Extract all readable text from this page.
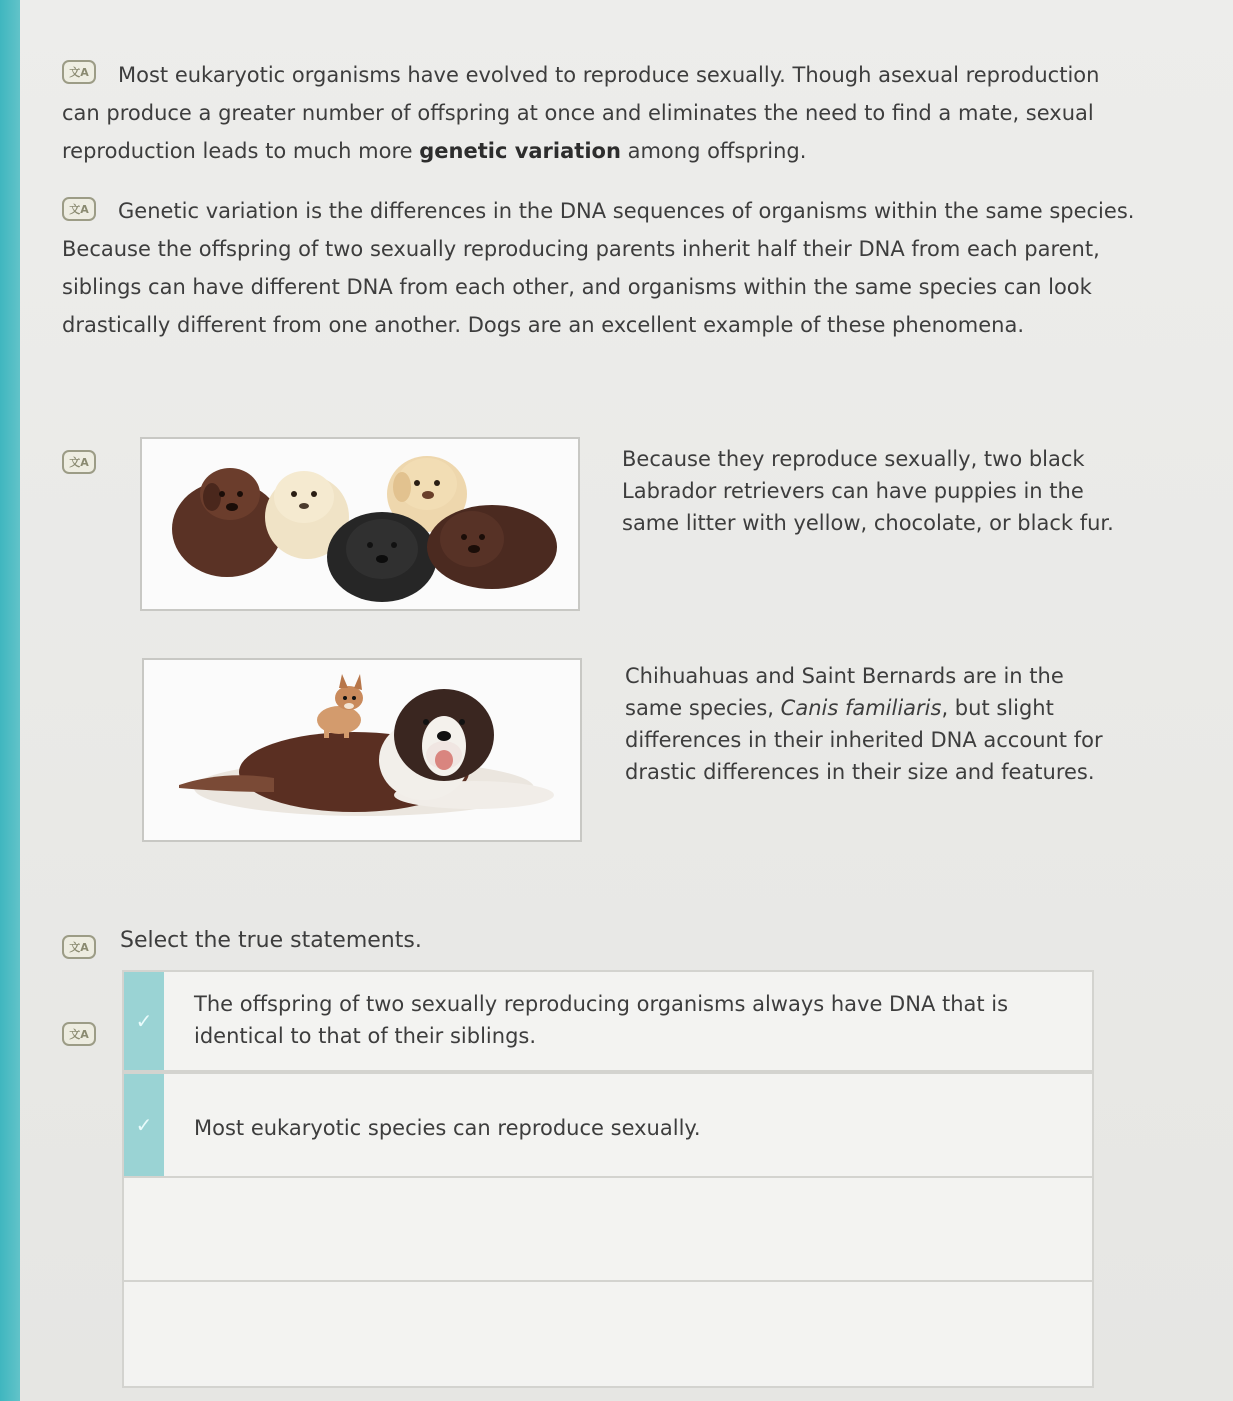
文A	Most eukaryotic organisms have evolved to reproduce sexually. Though asexual reproduction can produce a greater number of offspring at once and eliminates the need to find a mate, sexual reproduction leads to much more genetic variation among offspring.
文A	Genetic variation is the differences in the DNA sequences of organisms within the same species. Because the offspring of two sexually reproducing parents inherit half their DNA from each parent, siblings can have different DNA from each other, and organisms within the same species can look drastically different from one another. Dogs are an excellent example of these phenomena.
文A	Because they reproduce sexually, two black Labrador retrievers can have puppies in the same litter with yellow, chocolate, or black fur.
Chihuahuas and Saint Bernards are in the same species, Canis familiaris, but slight differences in their inherited DNA account for drastic differences in their size and features.
文A	Select the true statements.
文A
✓
The offspring of two sexually reproducing organisms always have DNA that is identical to that of their siblings.
✓	Most eukaryotic species can reproduce sexually.
